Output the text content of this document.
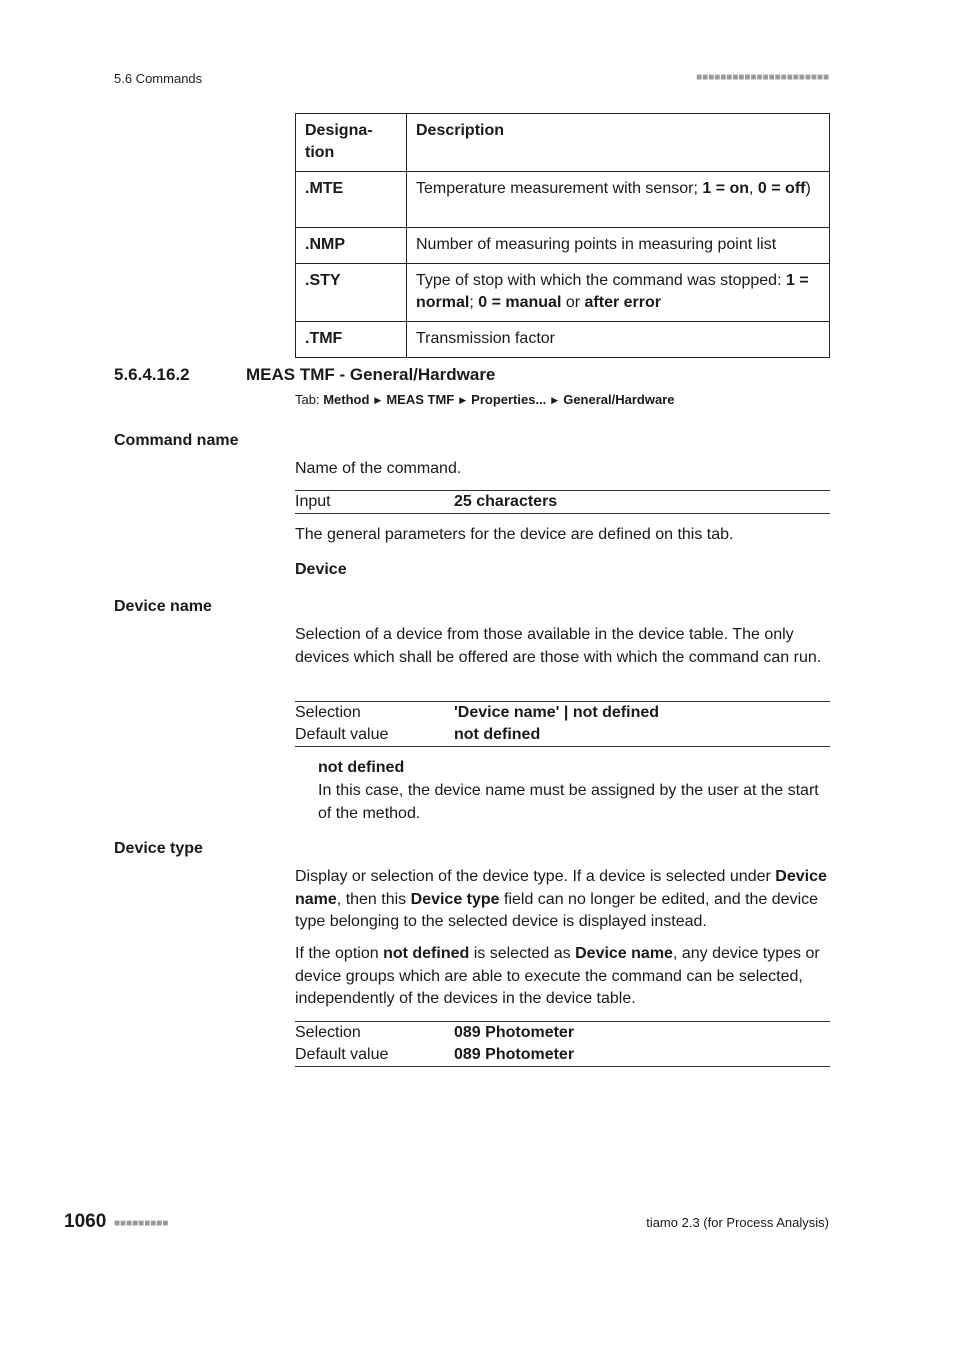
5.6 Commands	■■■■■■■■■■■■■■■■■■■■■■
Designa-
tion	Description
.MTE	Temperature measurement with sensor; 1 = on, 0 = off)
.NMP	Number of measuring points in measuring point list
.STY	Type of stop with which the command was stopped: 1 = normal; 0 = manual or after error
.TMF	Transmission factor
5.6.4.16.2	MEAS TMF - General/Hardware
Tab: Method ▶ MEAS TMF ▶ Properties... ▶ General/Hardware
Command name
Name of the command.
Input	25 characters
The general parameters for the device are defined on this tab.
Device
Device name
Selection of a device from those available in the device table. The only devices which shall be offered are those with which the command can run.
Selection	'Device name' | not defined
Default value	not defined
not defined
In this case, the device name must be assigned by the user at the start of the method.
Device type
Display or selection of the device type. If a device is selected under Device name, then this Device type field can no longer be edited, and the device type belonging to the selected device is displayed instead.
If the option not defined is selected as Device name, any device types or device groups which are able to execute the command can be selected, independently of the devices in the device table.
Selection	089 Photometer
Default value	089 Photometer
1060 ■■■■■■■■■	tiamo 2.3 (for Process Analysis)
